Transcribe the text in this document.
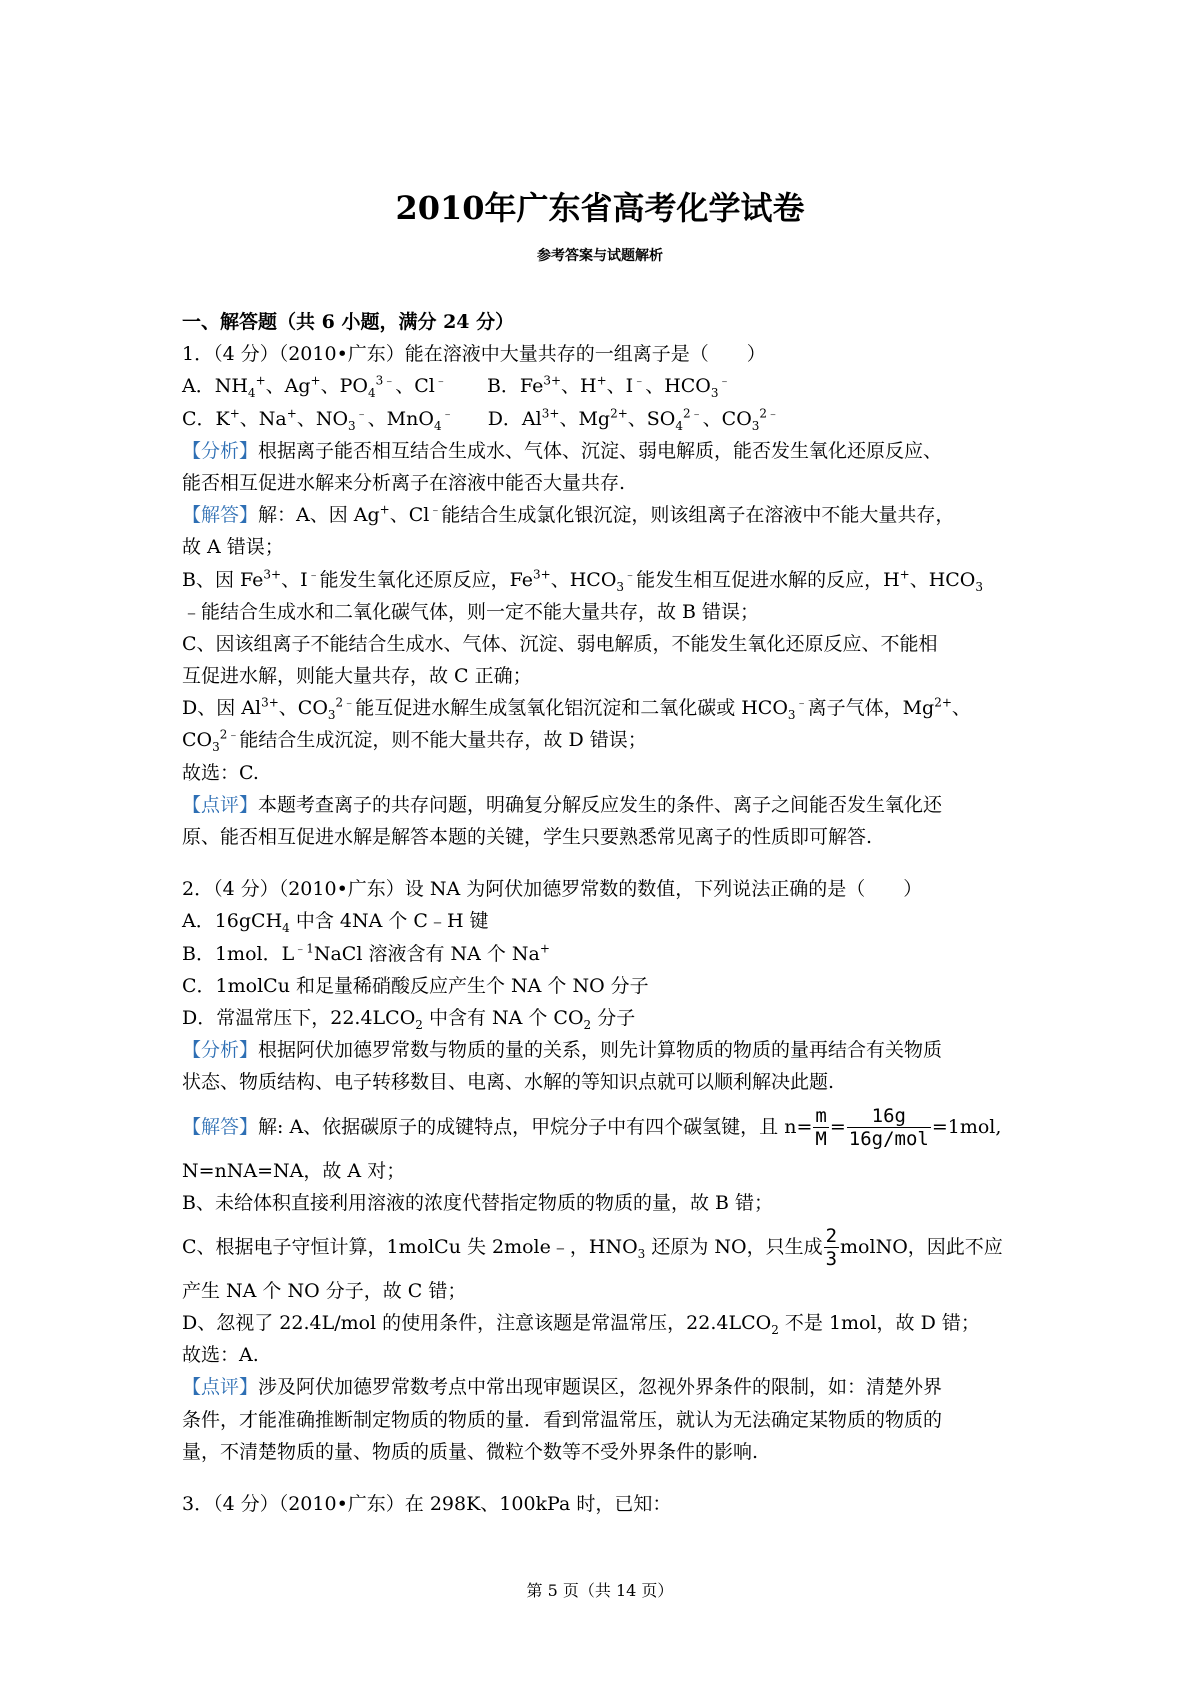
2010年广东省高考化学试卷
参考答案与试题解析
一、解答题（共 6 小题，满分 24 分）
1．（4 分）（2010•广东）能在溶液中大量共存的一组离子是（　　）
A．$NH_4^+$、Ag+、$PO_4^{3﹣}$、Cl﹣ B．$Fe^{3+}$、H+、I﹣、$HCO_3^﹣$
C．K+、Na+、$NO_3^﹣$、MnO$_4$﹣ D．$Al^{3+}$、$Mg^{2+}$、$SO_4^{2﹣}$、$CO_3^{2﹣}$
【分析】根据离子能否相互结合生成水、气体、沉淀、弱电解质，能否发生氧化还原反应、
能否相互促进水解来分析离子在溶液中能否大量共存.
【解答】解：A、因 Ag+、Cl﹣能结合生成氯化银沉淀，则该组离子在溶液中不能大量共存，
故 A 错误；
B、因 $Fe^{3+}$、I﹣能发生氧化还原反应，$Fe^{3+}$、$HCO_3^﹣$能发生相互促进水解的反应，H+、$HCO_3$
﹣能结合生成水和二氧化碳气体，则一定不能大量共存，故 B 错误；
C、因该组离子不能结合生成水、气体、沉淀、弱电解质，不能发生氧化还原反应、不能相
互促进水解，则能大量共存，故 C 正确；
D、因 $Al^{3+}$、$CO_3^{2﹣}$能互促进水解生成氢氧化铝沉淀和二氧化碳或 $HCO_3^﹣$离子气体，$Mg^{2+}$、
$CO_3^{2﹣}$能结合生成沉淀，则不能大量共存，故 D 错误；
故选：C.
【点评】本题考查离子的共存问题，明确复分解反应发生的条件、离子之间能否发生氧化还
原、能否相互促进水解是解答本题的关键，学生只要熟悉常见离子的性质即可解答.
2．（4 分）（2010•广东）设 NA 为阿伏加德罗常数的数值，下列说法正确的是（　　）
A．16gCH$_4$ 中含 4NA 个 C﹣H 键
B．1mol．$L^{﹣1}NaCl$ 溶液含有 NA 个 Na+
C．1molCu 和足量稀硝酸反应产生个 NA 个 NO 分子
D．常温常压下，$22.4LCO_2$ 中含有 NA 个 $CO_2$ 分子
【分析】根据阿伏加德罗常数与物质的量的关系，则先计算物质的物质的量再结合有关物质
状态、物质结构、电子转移数目、电离、水解的等知识点就可以顺利解决此题.
【解答】解: A、依据碳原子的成键特点，甲烷分子中有四个碳氢键，且 $n= \frac{m}{M} = \frac{16g}{\text{16g/mol}} =1mol$,
N=nNA=NA，故 A 对；
B、未给体积直接利用溶液的浓度代替指定物质的物质的量，故 B 错；
C、根据电子守恒计算，1molCu 失 2mole﹣，$HNO_3$ 还原为 NO，只生成 $\frac{2}{3}$ molNO，因此不应
产生 NA 个 NO 分子，故 C 错；
D、忽视了 22.4L/mol 的使用条件，注意该题是常温常压，$22.4LCO_2$ 不是 1mol，故 D 错；
故选：A.
【点评】涉及阿伏加德罗常数考点中常出现审题误区，忽视外界条件的限制，如：清楚外界
条件，才能准确推断制定物质的物质的量．看到常温常压，就认为无法确定某物质的物质的
量，不清楚物质的量、物质的质量、微粒个数等不受外界条件的影响.
3．（4 分）（2010•广东）在 298K、100kPa 时，已知：
第 5 页（共 14 页）
